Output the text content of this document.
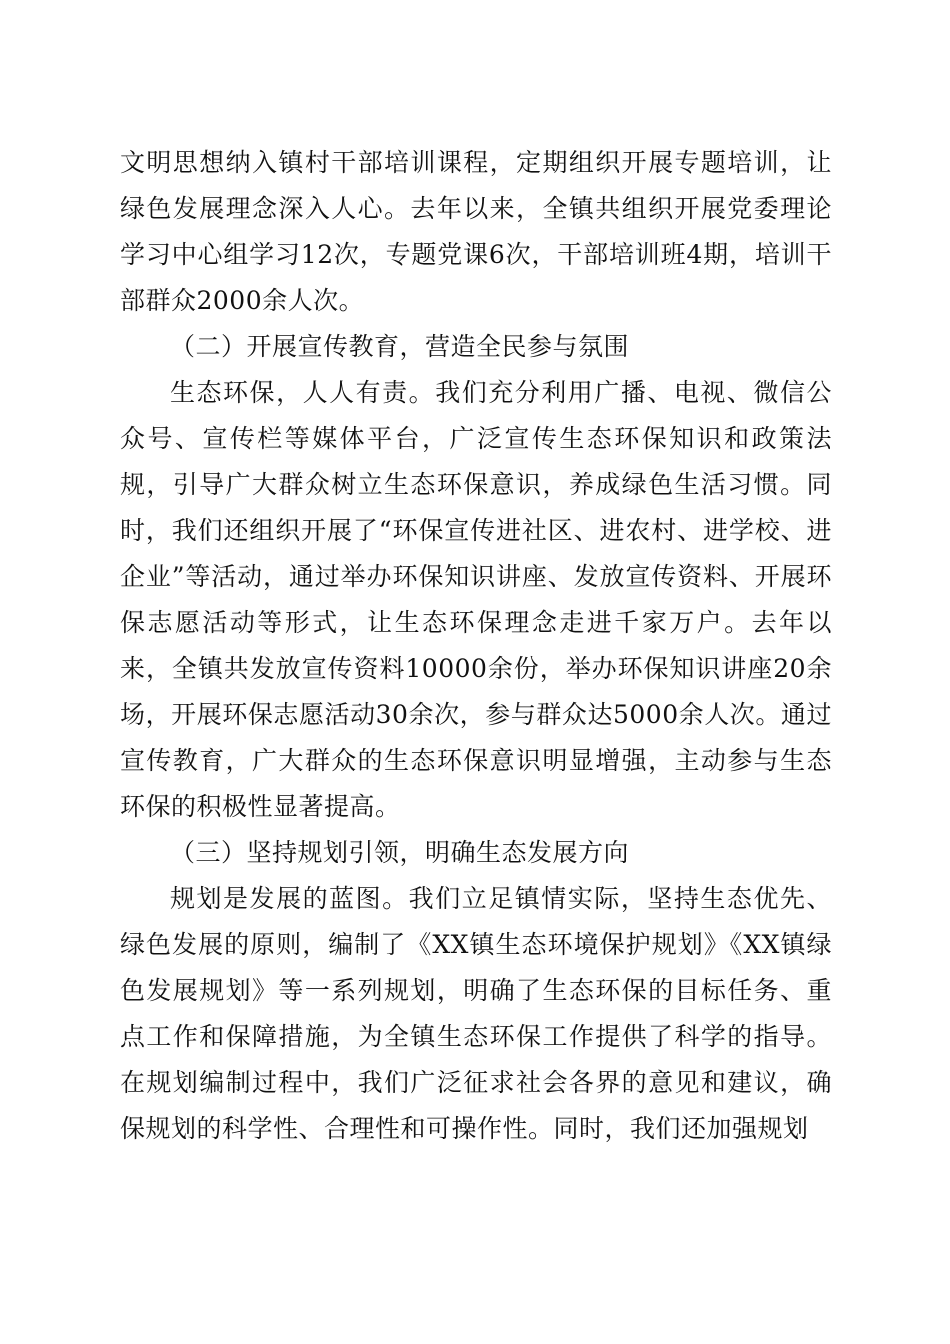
文明思想纳入镇村干部培训课程，定期组织开展专题培训，让绿色发展理念深入人心。去年以来，全镇共组织开展党委理论学习中心组学习12次，专题党课6次，干部培训班4期，培训干部群众2000余人次。

（二）开展宣传教育，营造全民参与氛围

生态环保，人人有责。我们充分利用广播、电视、微信公众号、宣传栏等媒体平台，广泛宣传生态环保知识和政策法规，引导广大群众树立生态环保意识，养成绿色生活习惯。同时，我们还组织开展了“环保宣传进社区、进农村、进学校、进企业”等活动，通过举办环保知识讲座、发放宣传资料、开展环保志愿活动等形式，让生态环保理念走进千家万户。去年以来，全镇共发放宣传资料10000余份，举办环保知识讲座20余场，开展环保志愿活动30余次，参与群众达5000余人次。通过宣传教育，广大群众的生态环保意识明显增强，主动参与生态环保的积极性显著提高。

（三）坚持规划引领，明确生态发展方向

规划是发展的蓝图。我们立足镇情实际，坚持生态优先、绿色发展的原则，编制了《XX镇生态环境保护规划》《XX镇绿色发展规划》等一系列规划，明确了生态环保的目标任务、重点工作和保障措施，为全镇生态环保工作提供了科学的指导。在规划编制过程中，我们广泛征求社会各界的意见和建议，确保规划的科学性、合理性和可操作性。同时，我们还加强规划
